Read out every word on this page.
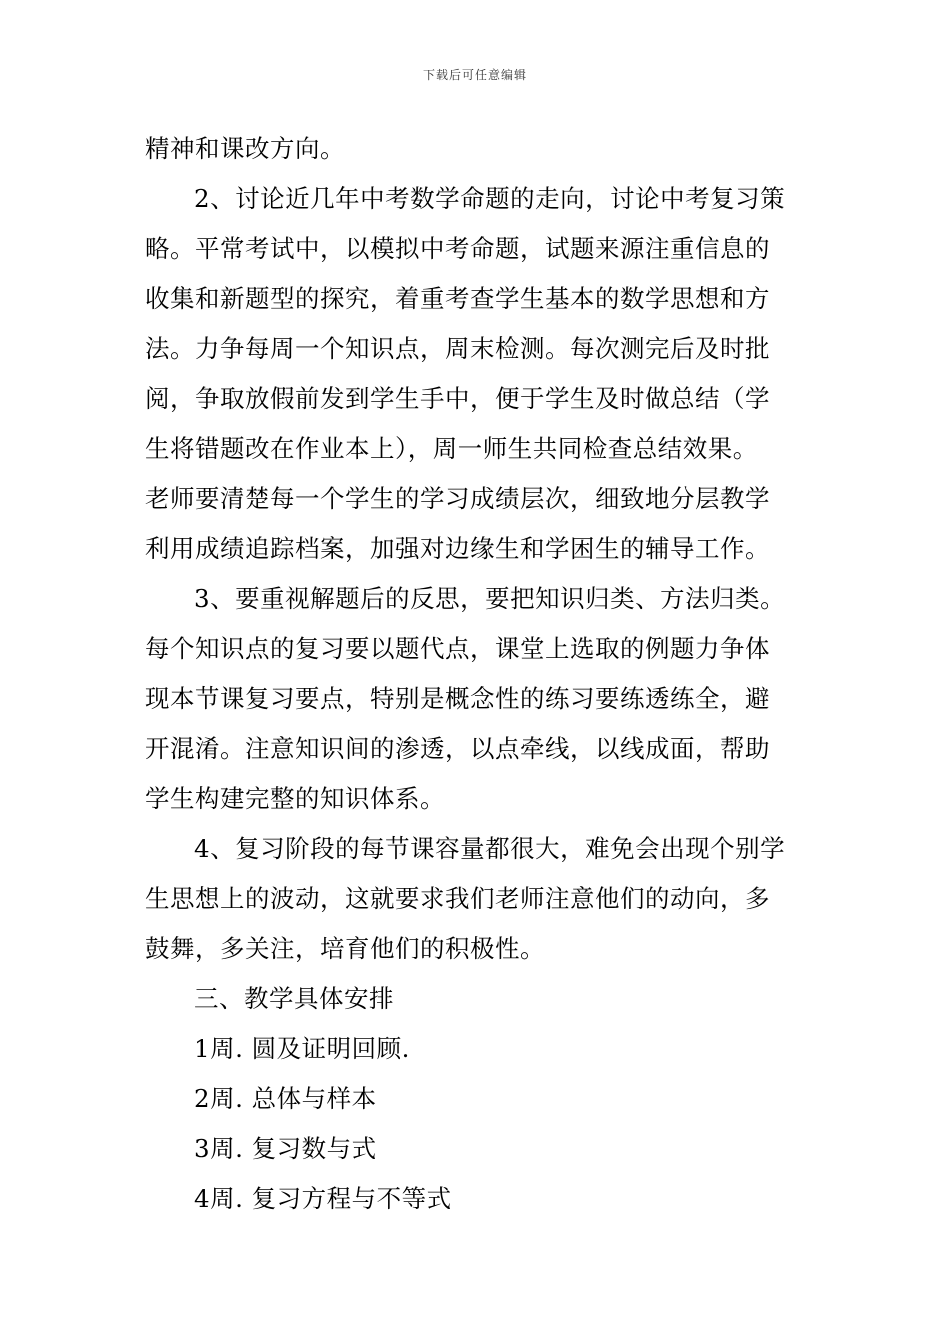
下载后可任意编辑
精神和课改方向。
2、讨论近几年中考数学命题的走向，讨论中考复习策
略。平常考试中，以模拟中考命题，试题来源注重信息的
收集和新题型的探究，着重考查学生基本的数学思想和方
法。力争每周一个知识点，周末检测。每次测完后及时批
阅，争取放假前发到学生手中，便于学生及时做总结（学
生将错题改在作业本上），周一师生共同检查总结效果。
老师要清楚每一个学生的学习成绩层次，细致地分层教学
利用成绩追踪档案，加强对边缘生和学困生的辅导工作。
3、要重视解题后的反思，要把知识归类、方法归类。
每个知识点的复习要以题代点，课堂上选取的例题力争体
现本节课复习要点，特别是概念性的练习要练透练全，避
开混淆。注意知识间的渗透，以点牵线，以线成面，帮助
学生构建完整的知识体系。
4、复习阶段的每节课容量都很大，难免会出现个别学
生思想上的波动，这就要求我们老师注意他们的动向，多
鼓舞，多关注，培育他们的积极性。
三、教学具体安排
1周. 圆及证明回顾.
2周. 总体与样本
3周. 复习数与式
4周. 复习方程与不等式
